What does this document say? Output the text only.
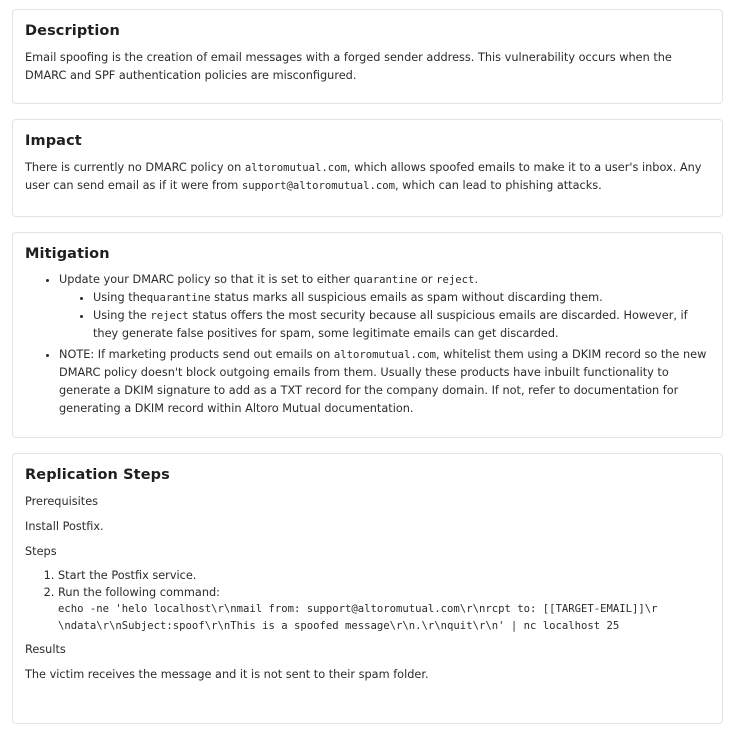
Description

Email spoofing is the creation of email messages with a forged sender address. This vulnerability occurs when the DMARC and SPF authentication policies are misconfigured.

Impact

There is currently no DMARC policy on altoromutual.com, which allows spoofed emails to make it to a user's inbox. Any user can send email as if it were from support@altoromutual.com, which can lead to phishing attacks.

Mitigation
• Update your DMARC policy so that it is set to either quarantine or reject.
• Using thequarantine status marks all suspicious emails as spam without discarding them.
• Using the reject status offers the most security because all suspicious emails are discarded. However, if they generate false positives for spam, some legitimate emails can get discarded.
• NOTE: If marketing products send out emails on altoromutual.com, whitelist them using a DKIM record so the new DMARC policy doesn't block outgoing emails from them. Usually these products have inbuilt functionality to generate a DKIM signature to add as a TXT record for the company domain. If not, refer to documentation for generating a DKIM record within Altoro Mutual documentation.
Replication Steps

Prerequisites

Install Postfix.

Steps

1. Start the Postfix service.
2. Run the following command:
echo -ne 'helo localhost\r\nmail from: support@altoromutual.com\r\nrcpt to: [[TARGET-EMAIL]]\r\ndata\r\nSubject:spoof\r\nThis is a spoofed message\r\n.\r\nquit\r\n' | nc localhost 25

Results

The victim receives the message and it is not sent to their spam folder.
